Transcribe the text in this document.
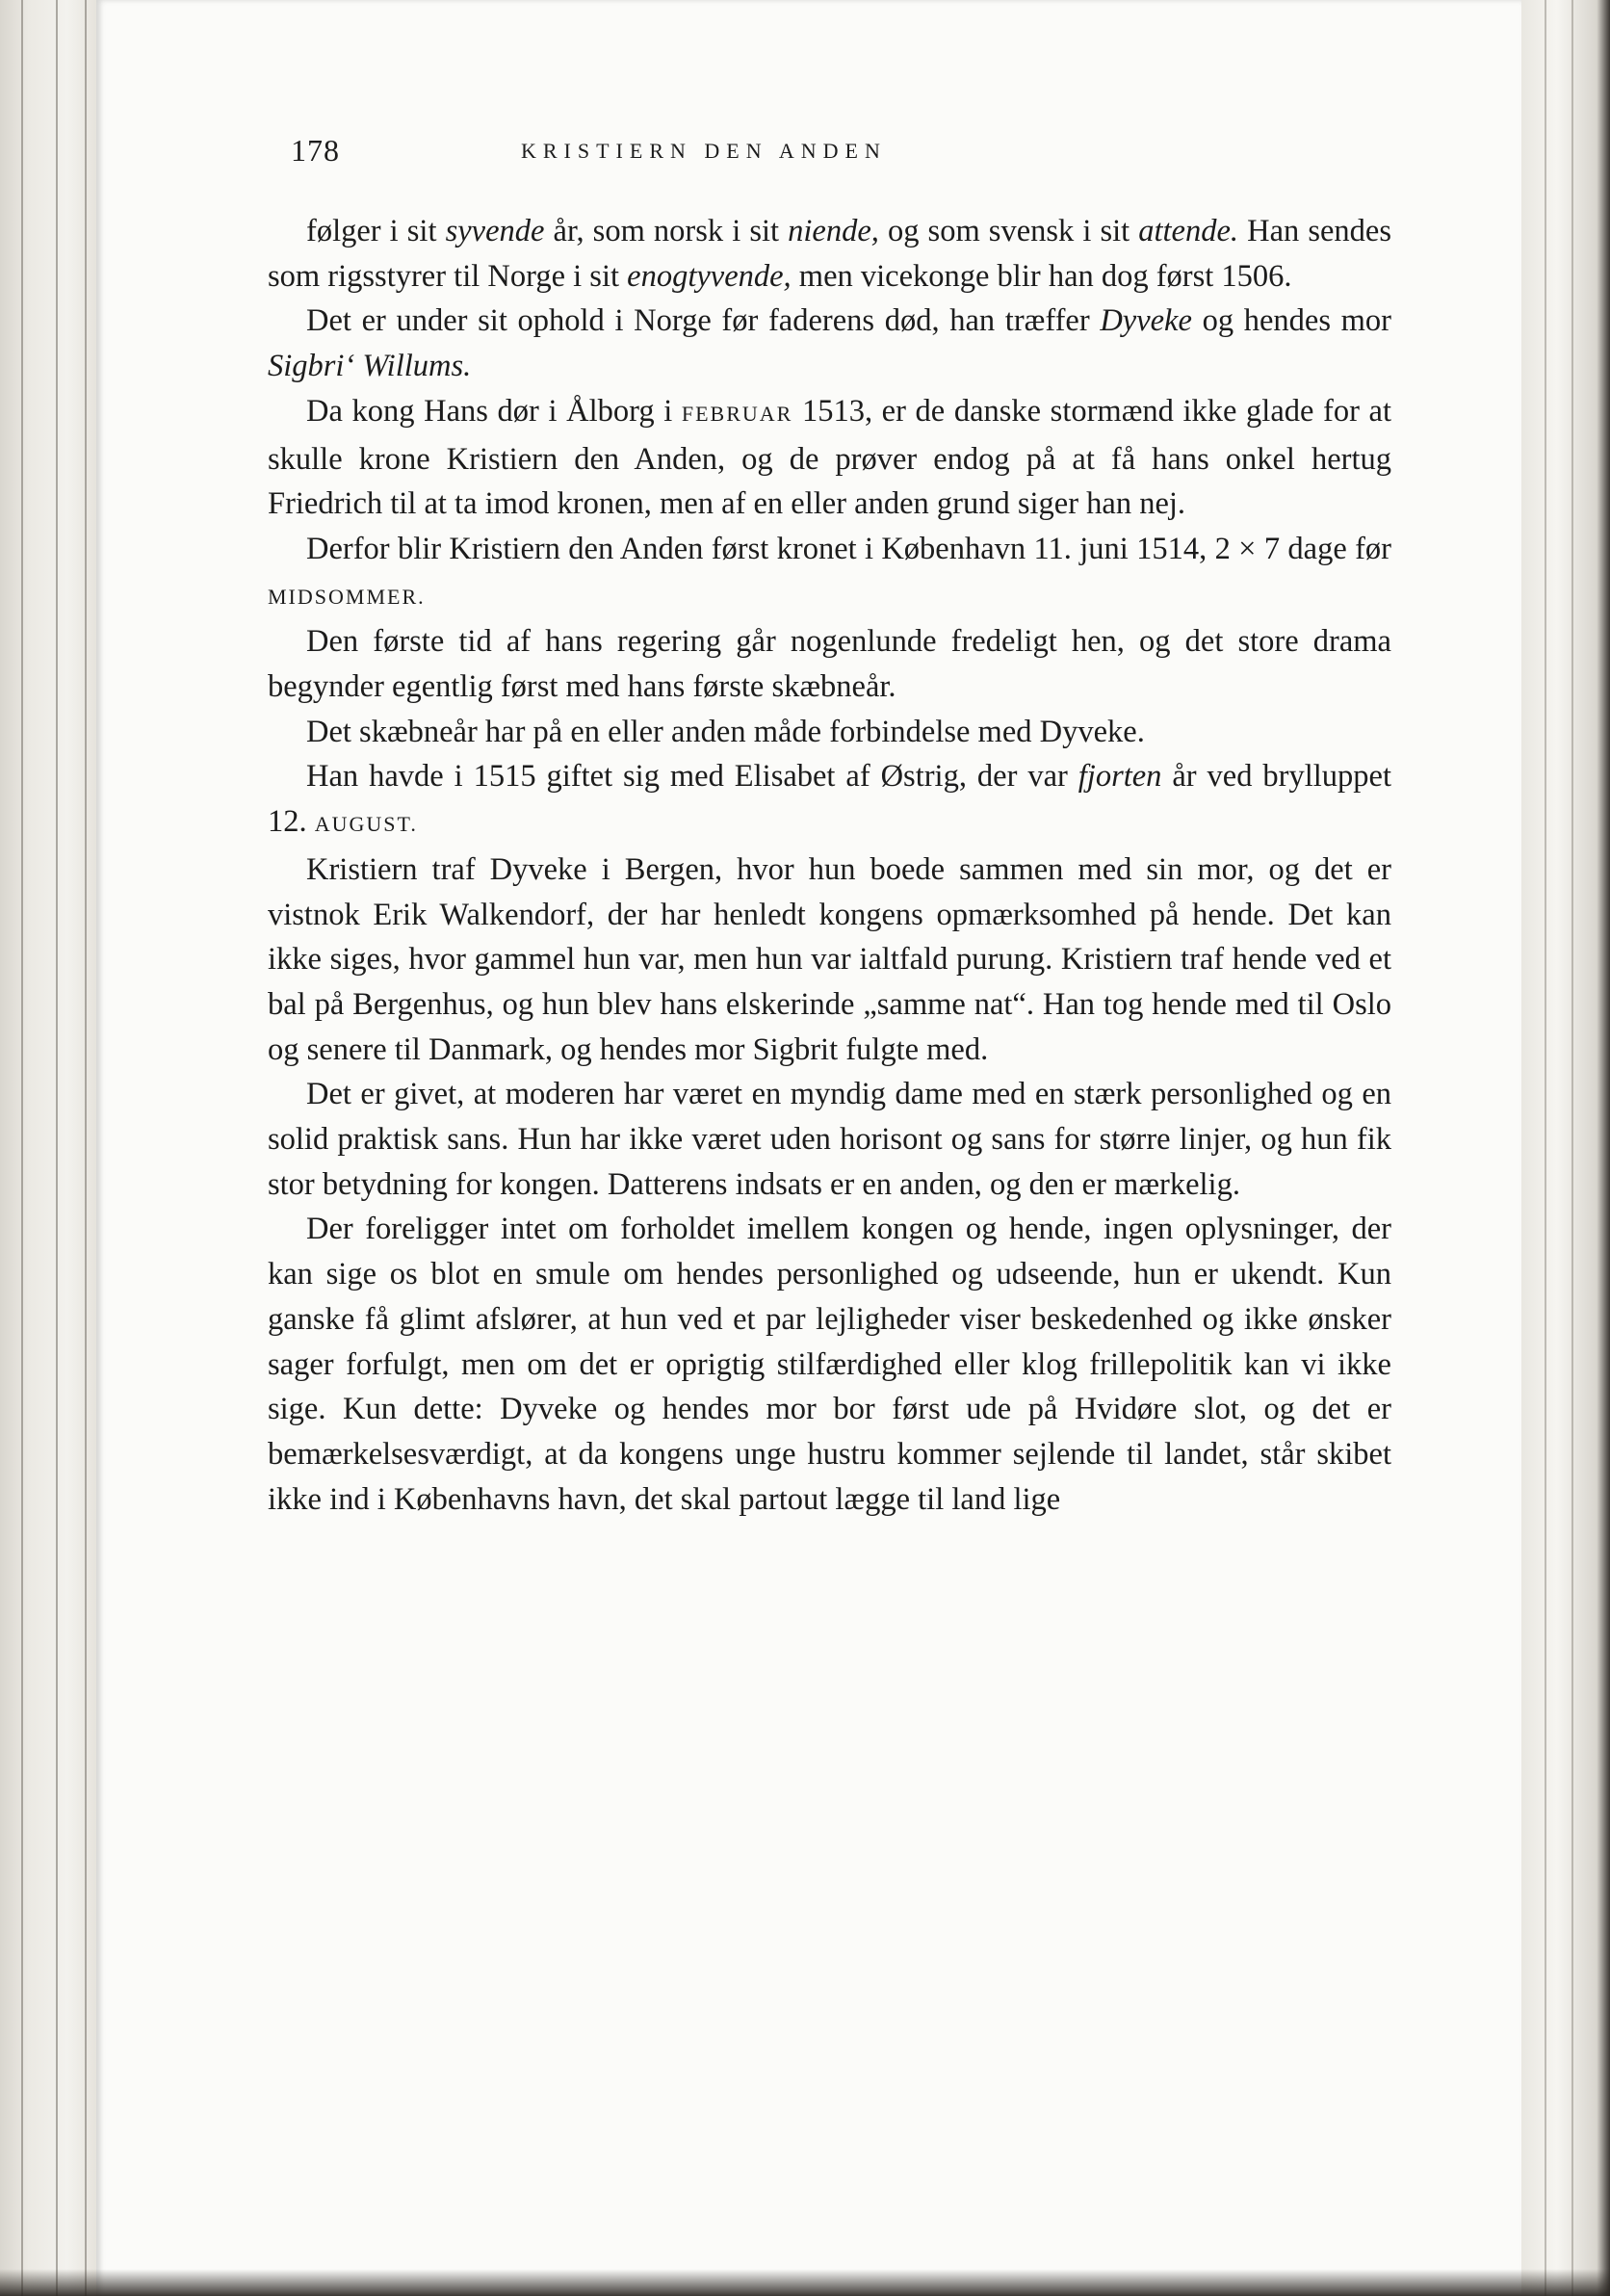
178	KRISTIERN DEN ANDEN

følger i sit syvende år, som norsk i sit niende, og som svensk i sit attende. Han sendes som rigsstyrer til Norge i sit enogtyvende, men vicekonge blir han dog først 1506.

Det er under sit ophold i Norge før faderens død, han træffer Dyveke og hendes mor Sigbri‘ Willums.

Da kong Hans dør i Ålborg i FEBRUAR 1513, er de danske stormænd ikke glade for at skulle krone Kristiern den Anden, og de prøver endog på at få hans onkel hertug Friedrich til at ta imod kronen, men af en eller anden grund siger han nej.

Derfor blir Kristiern den Anden først kronet i København 11. juni 1514, 2 × 7 dage før MIDSOMMER.

Den første tid af hans regering går nogenlunde fredeligt hen, og det store drama begynder egentlig først med hans første skæbneår.

Det skæbneår har på en eller anden måde forbindelse med Dyveke.

Han havde i 1515 giftet sig med Elisabet af Østrig, der var fjorten år ved brylluppet 12. AUGUST.

Kristiern traf Dyveke i Bergen, hvor hun boede sammen med sin mor, og det er vistnok Erik Walkendorf, der har henledt kongens opmærksomhed på hende. Det kan ikke siges, hvor gammel hun var, men hun var ialtfald purung. Kristiern traf hende ved et bal på Bergenhus, og hun blev hans elskerinde „samme nat“. Han tog hende med til Oslo og senere til Danmark, og hendes mor Sigbrit fulgte med.

Det er givet, at moderen har været en myndig dame med en stærk personlighed og en solid praktisk sans. Hun har ikke været uden horisont og sans for større linjer, og hun fik stor betydning for kongen. Datterens indsats er en anden, og den er mærkelig.

Der foreligger intet om forholdet imellem kongen og hende, ingen oplysninger, der kan sige os blot en smule om hendes personlighed og udseende, hun er ukendt. Kun ganske få glimt afslører, at hun ved et par lejligheder viser beskedenhed og ikke ønsker sager forfulgt, men om det er oprigtig stilfærdighed eller klog frillepolitik kan vi ikke sige. Kun dette: Dyveke og hendes mor bor først ude på Hvidøre slot, og det er bemærkelsesværdigt, at da kongens unge hustru kommer sejlende til landet, står skibet ikke ind i Københavns havn, det skal partout lægge til land lige
